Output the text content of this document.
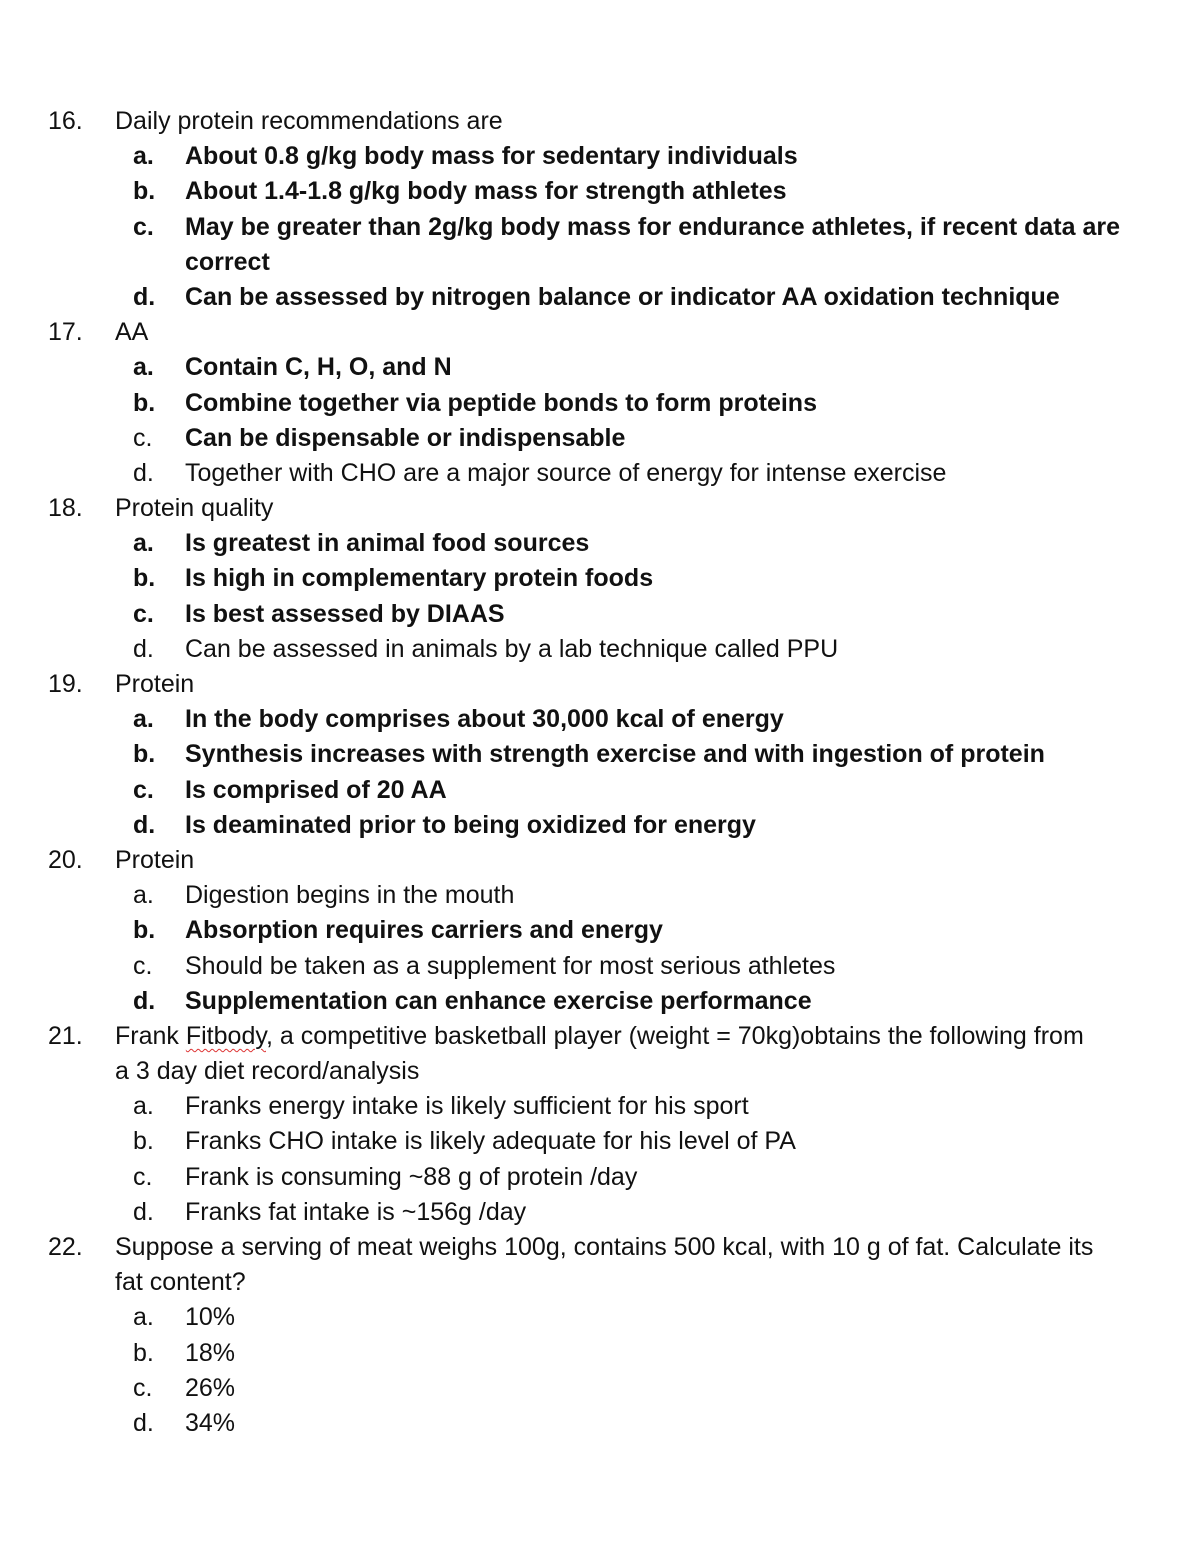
16. Daily protein recommendations are
a. About 0.8 g/kg body mass for sedentary individuals
b. About 1.4-1.8 g/kg body mass for strength athletes
c. May be greater than 2g/kg body mass for endurance athletes, if recent data are
correct
d. Can be assessed by nitrogen balance or indicator AA oxidation technique
17. AA
a. Contain C, H, O, and N
b. Combine together via peptide bonds to form proteins
c. Can be dispensable or indispensable
d. Together with CHO are a major source of energy for intense exercise
18. Protein quality
a. Is greatest in animal food sources
b. Is high in complementary protein foods
c. Is best assessed by DIAAS
d. Can be assessed in animals by a lab technique called PPU
19. Protein
a. In the body comprises about 30,000 kcal of energy
b. Synthesis increases with strength exercise and with ingestion of protein
c. Is comprised of 20 AA
d. Is deaminated prior to being oxidized for energy
20. Protein
a. Digestion begins in the mouth
b. Absorption requires carriers and energy
c. Should be taken as a supplement for most serious athletes
d. Supplementation can enhance exercise performance
21. Frank Fitbody, a competitive basketball player (weight = 70kg)obtains the following from
a 3 day diet record/analysis
a. Franks energy intake is likely sufficient for his sport
b. Franks CHO intake is likely adequate for his level of PA
c. Frank is consuming ~88 g of protein /day
d. Franks fat intake is ~156g /day
22. Suppose a serving of meat weighs 100g, contains 500 kcal, with 10 g of fat. Calculate its
fat content?
a. 10%
b. 18%
c. 26%
d. 34%
